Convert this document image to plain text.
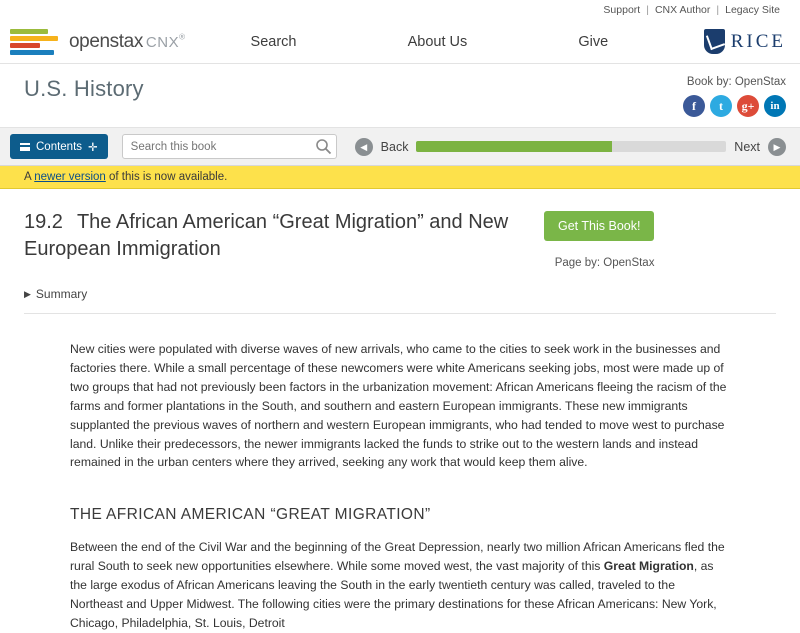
Support | CNX Author | Legacy Site
openstax CNX®	Search	About Us	Give	RICE
U.S. History	Book by: OpenStax
f	t	g+	in
Contents ✛
Search this book	◀	Back	Next	▶
A newer version of this is now available.
19.2 The African American “Great Migration” and New European Immigration
Get This Book!
Page by: OpenStax
▶ Summary

New cities were populated with diverse waves of new arrivals, who came to the cities to seek work in the businesses and factories there. While a small percentage of these newcomers were white Americans seeking jobs, most were made up of two groups that had not previously been factors in the urbanization movement: African Americans fleeing the racism of the farms and former plantations in the South, and southern and eastern European immigrants. These new immigrants supplanted the previous waves of northern and western European immigrants, who had tended to move west to purchase land. Unlike their predecessors, the newer immigrants lacked the funds to strike out to the western lands and instead remained in the urban centers where they arrived, seeking any work that would keep them alive.

THE AFRICAN AMERICAN “GREAT MIGRATION”

Between the end of the Civil War and the beginning of the Great Depression, nearly two million African Americans fled the rural South to seek new opportunities elsewhere. While some moved west, the vast majority of this Great Migration, as the large exodus of African Americans leaving the South in the early twentieth century was called, traveled to the Northeast and Upper Midwest. The following cities were the primary destinations for these African Americans: New York, Chicago, Philadelphia, St. Louis, Detroit
